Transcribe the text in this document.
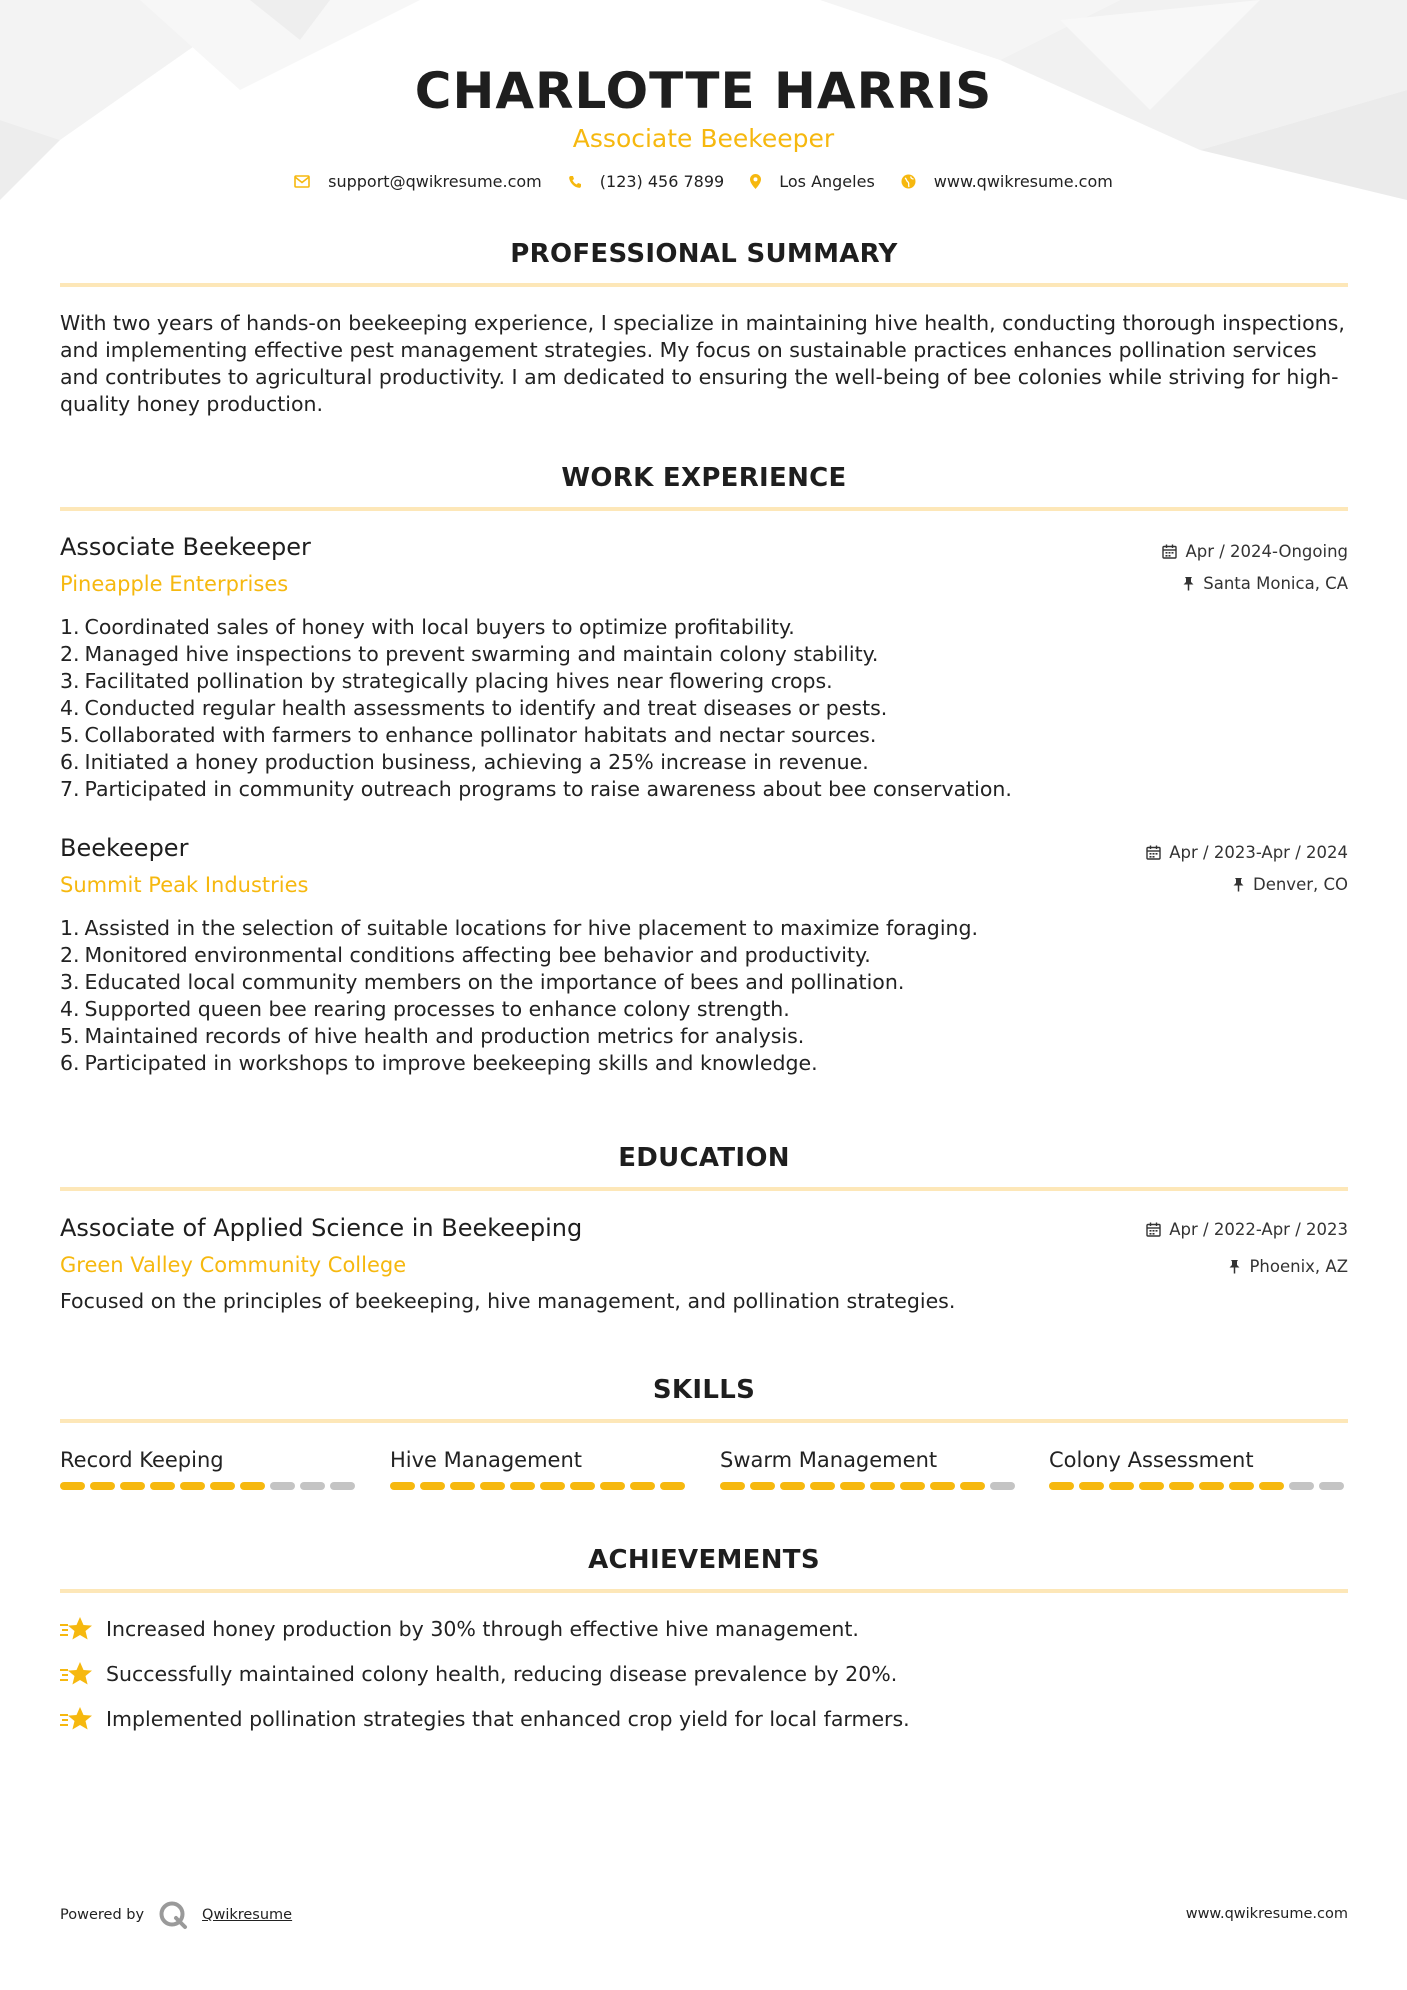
CHARLOTTE HARRIS
Associate Beekeeper
support@qwikresume.com	(123) 456 7899	Los Angeles	www.qwikresume.com
PROFESSIONAL SUMMARY
With two years of hands-on beekeeping experience, I specialize in maintaining hive health, conducting thorough inspections, and implementing effective pest management strategies. My focus on sustainable practices enhances pollination services and contributes to agricultural productivity. I am dedicated to ensuring the well-being of bee colonies while striving for high-quality honey production.
WORK EXPERIENCE
Associate Beekeeper
Pineapple Enterprises
Apr / 2024-Ongoing
Santa Monica, CA
1. Coordinated sales of honey with local buyers to optimize profitability.
2. Managed hive inspections to prevent swarming and maintain colony stability.
3. Facilitated pollination by strategically placing hives near flowering crops.
4. Conducted regular health assessments to identify and treat diseases or pests.
5. Collaborated with farmers to enhance pollinator habitats and nectar sources.
6. Initiated a honey production business, achieving a 25% increase in revenue.
7. Participated in community outreach programs to raise awareness about bee conservation.
Beekeeper
Summit Peak Industries
Apr / 2023-Apr / 2024
Denver, CO
1. Assisted in the selection of suitable locations for hive placement to maximize foraging.
2. Monitored environmental conditions affecting bee behavior and productivity.
3. Educated local community members on the importance of bees and pollination.
4. Supported queen bee rearing processes to enhance colony strength.
5. Maintained records of hive health and production metrics for analysis.
6. Participated in workshops to improve beekeeping skills and knowledge.
EDUCATION
Associate of Applied Science in Beekeeping
Green Valley Community College
Apr / 2022-Apr / 2023
Phoenix, AZ
Focused on the principles of beekeeping, hive management, and pollination strategies.
SKILLS
Record Keeping	Hive Management	Swarm Management	Colony Assessment
ACHIEVEMENTS
Increased honey production by 30% through effective hive management.
Successfully maintained colony health, reducing disease prevalence by 20%.
Implemented pollination strategies that enhanced crop yield for local farmers.
Powered by	Qwikresume	www.qwikresume.com
